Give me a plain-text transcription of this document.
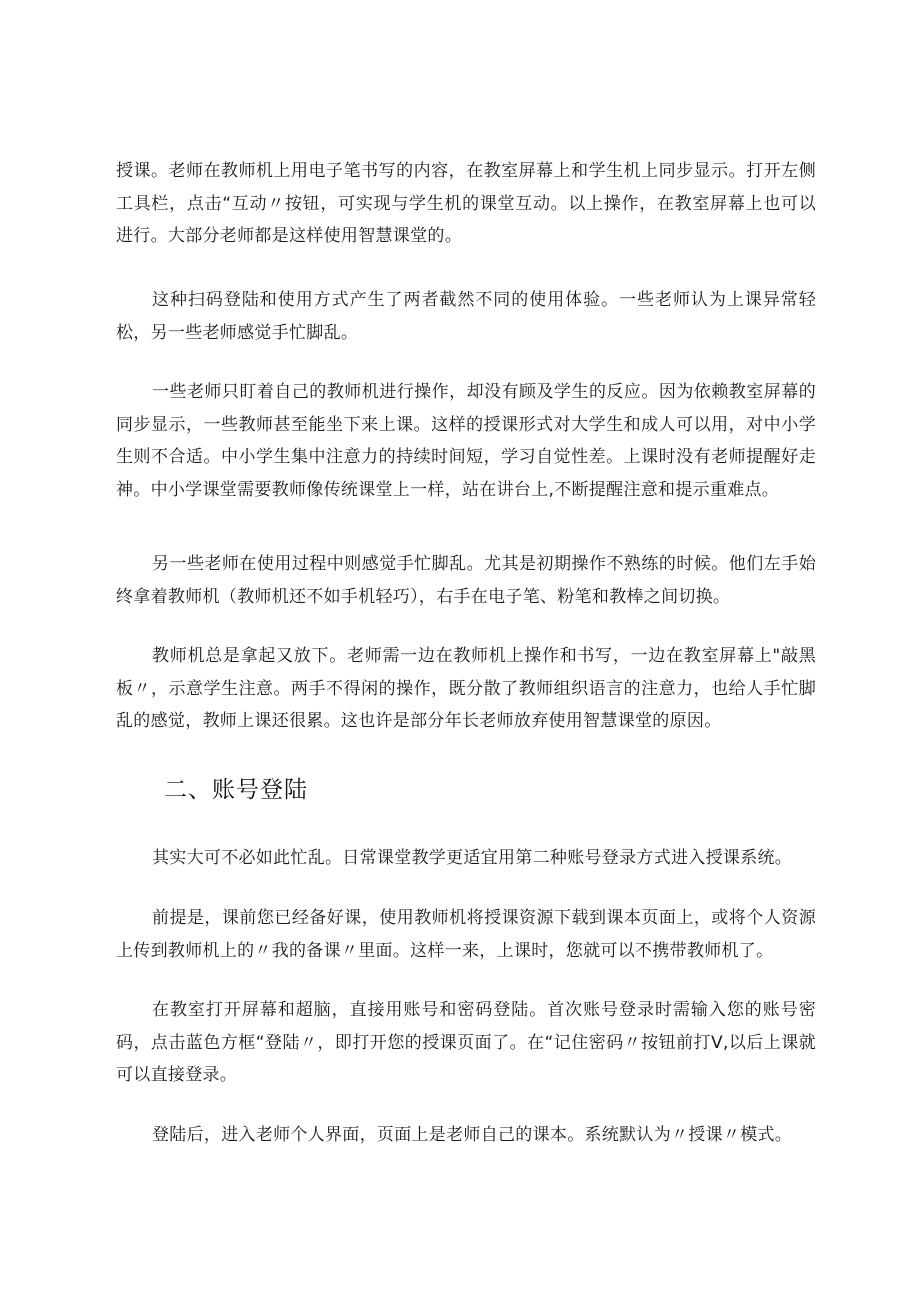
授课。老师在教师机上用电子笔书写的内容，在教室屏幕上和学生机上同步显示。打开左侧工具栏，点击“互动〃按钮，可实现与学生机的课堂互动。以上操作，在教室屏幕上也可以进行。大部分老师都是这样使用智慧课堂的。

这种扫码登陆和使用方式产生了两者截然不同的使用体验。一些老师认为上课异常轻松，另一些老师感觉手忙脚乱。

一些老师只盯着自己的教师机进行操作，却没有顾及学生的反应。因为依赖教室屏幕的同步显示，一些教师甚至能坐下来上课。这样的授课形式对大学生和成人可以用，对中小学生则不合适。中小学生集中注意力的持续时间短，学习自觉性差。上课时没有老师提醒好走神。中小学课堂需要教师像传统课堂上一样，站在讲台上,不断提醒注意和提示重难点。

另一些老师在使用过程中则感觉手忙脚乱。尤其是初期操作不熟练的时候。他们左手始终拿着教师机（教师机还不如手机轻巧），右手在电子笔、粉笔和教棒之间切换。

教师机总是拿起又放下。老师需一边在教师机上操作和书写，一边在教室屏幕上"敲黑板〃，示意学生注意。两手不得闲的操作，既分散了教师组织语言的注意力，也给人手忙脚乱的感觉，教师上课还很累。这也许是部分年长老师放弃使用智慧课堂的原因。

二、账号登陆

其实大可不必如此忙乱。日常课堂教学更适宜用第二种账号登录方式进入授课系统。

前提是，课前您已经备好课，使用教师机将授课资源下载到课本页面上，或将个人资源上传到教师机上的〃我的备课〃里面。这样一来，上课时，您就可以不携带教师机了。

在教室打开屏幕和超脑，直接用账号和密码登陆。首次账号登录时需输入您的账号密码，点击蓝色方框“登陆〃，即打开您的授课页面了。在“记住密码〃按钮前打V,以后上课就可以直接登录。

登陆后，进入老师个人界面，页面上是老师自己的课本。系统默认为〃授课〃模式。
